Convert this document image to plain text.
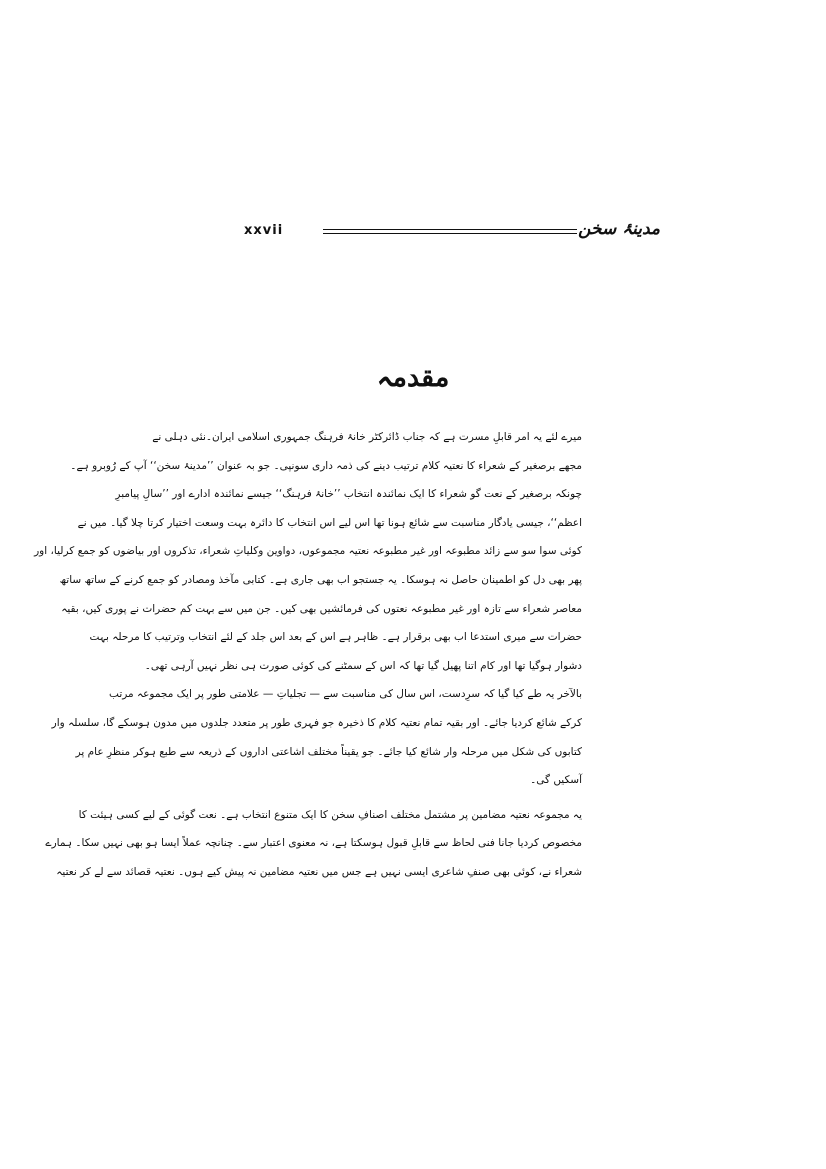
xxvii	مدینۂ سخن
مقدمہ

میرے لئے یہ امر قابلِ مسرت ہے کہ جناب ڈائرکٹر خانۂ فرہنگ جمہوری اسلامی ایران۔نئی دہلی نے
مجھے برصغیر کے شعراء کا نعتیہ کلام ترتیب دینے کی ذمہ داری سونپی۔ جو بہ عنوان ’’مدینۂ سخن‘‘ آپ کے رُوبرو ہے۔

چونکہ برصغیر کے نعت گو شعراء کا ایک نمائندہ انتخاب ’’خانۂ فرہنگ‘‘ جیسے نمائندہ ادارے اور ’’سالِ پیامبرِ
اعظم‘‘، جیسی یادگار مناسبت سے شائع ہونا تھا اس لیے اس انتخاب کا دائرہ بہت وسعت اختیار کرتا چلا گیا۔ میں نے
کوئی سوا سو سے زائد مطبوعہ اور غیر مطبوعہ نعتیہ مجموعوں، دواوین وکلیاتِ شعراء، تذکروں اور بیاضوں کو جمع کرلیا، اور
پھر بھی دل کو اطمینان حاصل نہ ہوسکا۔ یہ جستجو اب بھی جاری ہے۔ کتابی مآخذ ومصادر کو جمع کرنے کے ساتھ ساتھ
معاصر شعراء سے تازہ اور غیر مطبوعہ نعتوں کی فرمائشیں بھی کیں۔ جن میں سے بہت کم حضرات نے پوری کیں، بقیہ
حضرات سے میری استدعا اب بھی برقرار ہے۔ ظاہر ہے اس کے بعد اس جلد کے لئے انتخاب وترتیب کا مرحلہ بہت
دشوار ہوگیا تھا اور کام اتنا پھیل گیا تھا کہ اس کے سمٹنے کی کوئی صورت ہی نظر نہیں آرہی تھی۔

بالآخر یہ طے کیا گیا کہ سرِدست، اس سال کی مناسبت سے — تجلیاتِ — علامتی طور پر ایک مجموعہ مرتب
کرکے شائع کردیا جائے۔ اور بقیہ تمام نعتیہ کلام کا ذخیرہ جو فہری طور پر متعدد جلدوں میں مدون ہوسکے گا، سلسلہ وار
کتابوں کی شکل میں مرحلہ وار شائع کیا جائے۔ جو یقیناً مختلف اشاعتی اداروں کے ذریعہ سے طبع ہوکر منظرِ عام پر
آسکیں گی۔

یہ مجموعہ نعتیہ مضامین پر مشتمل مختلف اصنافِ سخن کا ایک متنوع انتخاب ہے۔ نعت گوئی کے لیے کسی ہیئت کا
مخصوص کردیا جانا فنی لحاظ سے قابلِ قبول ہوسکتا ہے، نہ معنوی اعتبار سے۔ چنانچہ عملاً ایسا ہو بھی نہیں سکا۔ ہمارے
شعراء نے، کوئی بھی صنفِ شاعری ایسی نہیں ہے جس میں نعتیہ مضامین نہ پیش کیے ہوں۔ نعتیہ قصائد سے لے کر نعتیہ
